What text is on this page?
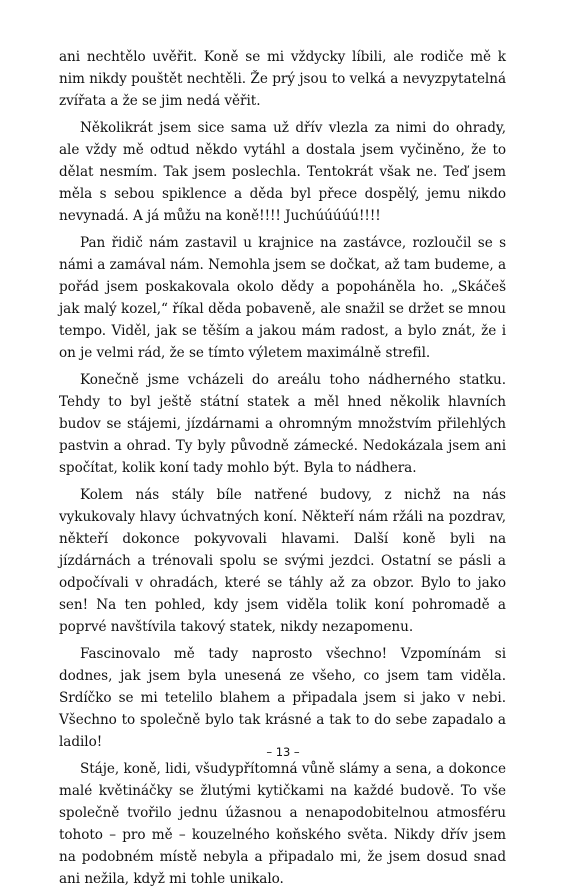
ani nechtělo uvěřit. Koně se mi vždycky líbili, ale rodiče mě k nim nikdy pouštět nechtěli. Že prý jsou to velká a nevyzpytatelná zvířata a že se jim nedá věřit.

Několikrát jsem sice sama už dřív vlezla za nimi do ohrady, ale vždy mě odtud někdo vytáhl a dostala jsem vyčiněno, že to dělat nesmím. Tak jsem poslechla. Tentokrát však ne. Teď jsem měla s sebou spiklence a děda byl přece dospělý, jemu nikdo nevynadá. A já můžu na koně!!!! Juchúúúúú!!!!

Pan řidič nám zastavil u krajnice na zastávce, rozloučil se s námi a zamával nám. Nemohla jsem se dočkat, až tam budeme, a pořád jsem poskakovala okolo dědy a popoháněla ho. „Skáčeš jak malý kozel,“ říkal děda pobaveně, ale snažil se držet se mnou tempo. Viděl, jak se těším a jakou mám radost, a bylo znát, že i on je velmi rád, že se tímto výletem maximálně strefil.

Konečně jsme vcházeli do areálu toho nádherného statku. Tehdy to byl ještě státní statek a měl hned několik hlavních budov se stájemi, jízdárnami a ohromným množstvím přilehlých pastvin a ohrad. Ty byly původně zámecké. Nedokázala jsem ani spočítat, kolik koní tady mohlo být. Byla to nádhera.

Kolem nás stály bíle natřené budovy, z nichž na nás vykukovaly hlavy úchvatných koní. Někteří nám ržáli na pozdrav, někteří dokonce pokyvovali hlavami. Další koně byli na jízdárnách a trénovali spolu se svými jezdci. Ostatní se pásli a odpočívali v ohradách, které se táhly až za obzor. Bylo to jako sen! Na ten pohled, kdy jsem viděla tolik koní pohromadě a poprvé navštívila takový statek, nikdy nezapomenu.

Fascinovalo mě tady naprosto všechno! Vzpomínám si dodnes, jak jsem byla unesená ze všeho, co jsem tam viděla. Srdíčko se mi tetelilo blahem a připadala jsem si jako v nebi. Všechno to společně bylo tak krásné a tak to do sebe zapadalo a ladilo!

Stáje, koně, lidi, všudypřítomná vůně slámy a sena, a dokonce malé květináčky se žlutými kytičkami na každé budově. To vše společně tvořilo jednu úžasnou a nenapodobitelnou atmosféru tohoto – pro mě – kouzelného koňského světa. Nikdy dřív jsem na podobném místě nebyla a připadalo mi, že jsem dosud snad ani nežila, když mi tohle unikalo.

– 13 –
